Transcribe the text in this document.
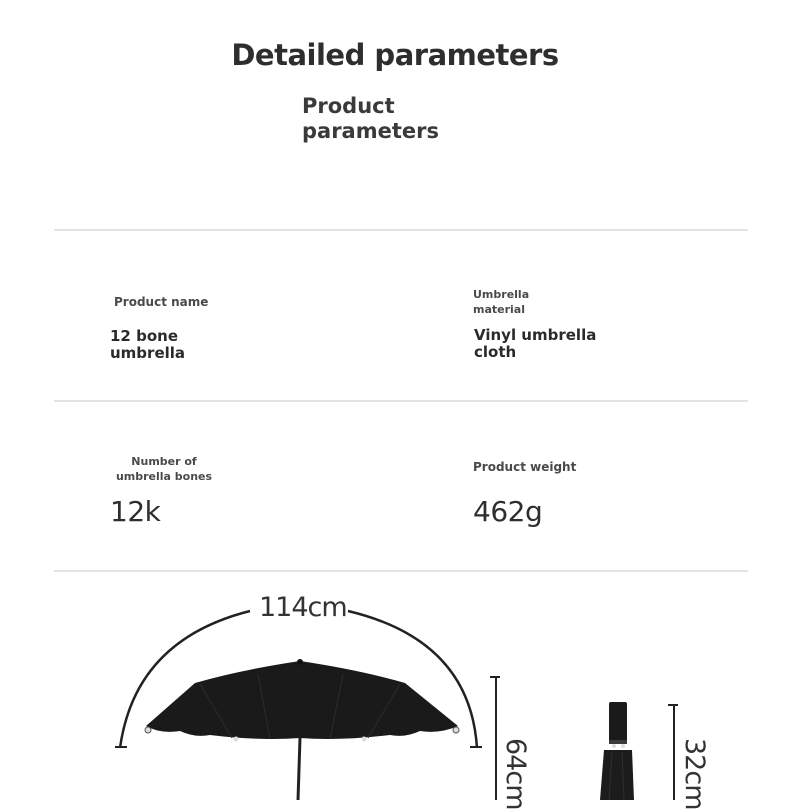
Detailed parameters
Product parameters
Product name
12 bone umbrella
Umbrella material
Vinyl umbrella cloth
Number of umbrella bones
12k
Product weight
462g
114cm
64cm	32cm
